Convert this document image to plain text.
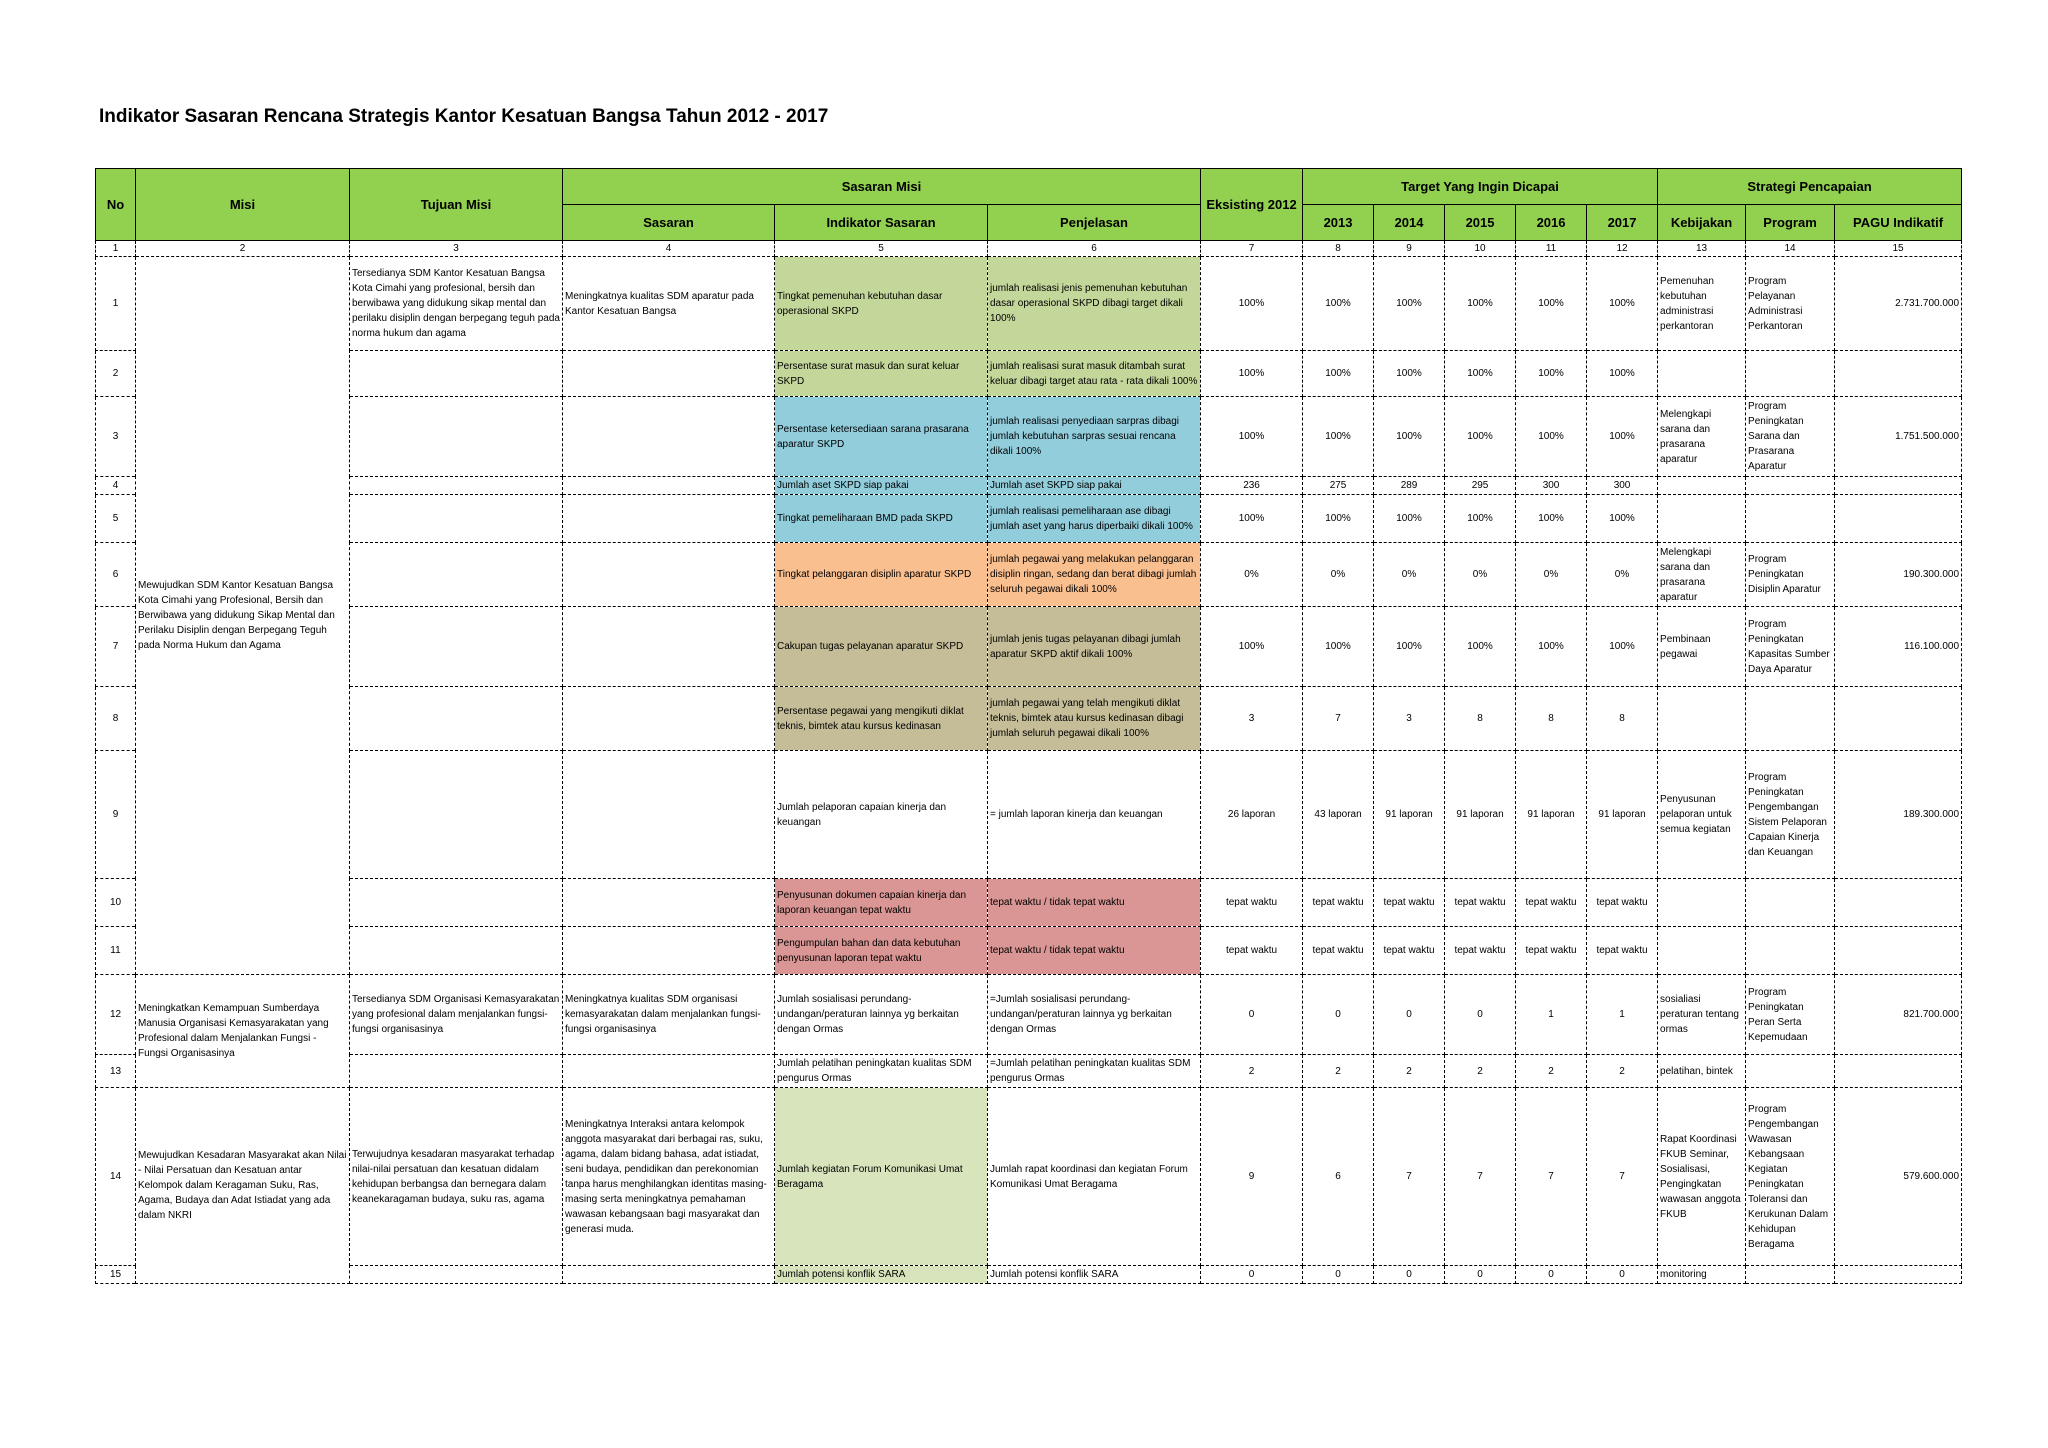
Indikator Sasaran Rencana Strategis Kantor Kesatuan Bangsa Tahun 2012 - 2017
No	Misi	Tujuan Misi	Sasaran Misi			Eksisting 2012	Target Yang Ingin Dicapai					Strategi Pencapaian		
			Sasaran	Indikator Sasaran	Penjelasan		2013	2014	2015	2016	2017	Kebijakan	Program	PAGU Indikatif
1	2	3	4	5	6	7	8	9	10	11	12	13	14	15
1	Mewujudkan SDM Kantor Kesatuan Bangsa Kota Cimahi yang Profesional, Bersih dan Berwibawa yang didukung Sikap Mental dan Perilaku Disiplin dengan Berpegang Teguh pada Norma Hukum dan Agama	Tersedianya SDM Kantor Kesatuan Bangsa Kota Cimahi yang profesional, bersih dan berwibawa yang didukung sikap mental dan perilaku disiplin dengan berpegang teguh pada norma hukum dan agama	Meningkatnya kualitas SDM aparatur pada Kantor Kesatuan Bangsa	Tingkat pemenuhan kebutuhan dasar operasional SKPD	jumlah realisasi jenis pemenuhan kebutuhan dasar operasional SKPD dibagi target dikali 100%	100%	100%	100%	100%	100%	100%	Pemenuhan kebutuhan administrasi perkantoran	Program Pelayanan Administrasi Perkantoran	2.731.700.000
2				Persentase surat masuk dan surat keluar SKPD	jumlah realisasi surat masuk ditambah surat keluar dibagi target atau rata - rata dikali 100%	100%	100%	100%	100%	100%	100%			
3				Persentase ketersediaan sarana prasarana aparatur SKPD	jumlah realisasi penyediaan sarpras dibagi jumlah kebutuhan sarpras sesuai rencana dikali 100%	100%	100%	100%	100%	100%	100%	Melengkapi sarana dan prasarana aparatur	Program Peningkatan Sarana dan Prasarana Aparatur	1.751.500.000
4				Jumlah aset SKPD siap pakai	Jumlah aset SKPD siap pakai	236	275	289	295	300	300			
5				Tingkat pemeliharaan BMD pada SKPD	jumlah realisasi pemeliharaan ase dibagi jumlah aset yang harus diperbaiki dikali 100%	100%	100%	100%	100%	100%	100%			
6				Tingkat pelanggaran disiplin aparatur SKPD	jumlah pegawai yang melakukan pelanggaran disiplin ringan, sedang dan berat dibagi jumlah seluruh pegawai dikali 100%	0%	0%	0%	0%	0%	0%	Melengkapi sarana dan prasarana aparatur	Program Peningkatan Disiplin Aparatur	190.300.000
7				Cakupan tugas pelayanan aparatur SKPD	jumlah jenis tugas pelayanan dibagi jumlah aparatur SKPD aktif dikali 100%	100%	100%	100%	100%	100%	100%	Pembinaan pegawai	Program Peningkatan Kapasitas Sumber Daya Aparatur	116.100.000
8				Persentase pegawai yang mengikuti diklat teknis, bimtek atau kursus kedinasan	jumlah pegawai yang telah mengikuti diklat teknis, bimtek atau kursus kedinasan dibagi jumlah seluruh pegawai dikali 100%	3	7	3	8	8	8			
9				Jumlah pelaporan capaian kinerja dan keuangan	= jumlah laporan kinerja dan keuangan	26 laporan	43 laporan	91 laporan	91 laporan	91 laporan	91 laporan	Penyusunan pelaporan untuk semua kegiatan	Program Peningkatan Pengembangan Sistem Pelaporan Capaian Kinerja dan Keuangan	189.300.000
10				Penyusunan dokumen capaian kinerja dan laporan keuangan tepat waktu	tepat waktu / tidak tepat waktu	tepat waktu	tepat waktu	tepat waktu	tepat waktu	tepat waktu	tepat waktu			
11				Pengumpulan bahan dan data kebutuhan penyusunan laporan tepat waktu	tepat waktu / tidak tepat waktu	tepat waktu	tepat waktu	tepat waktu	tepat waktu	tepat waktu	tepat waktu			
12	Meningkatkan Kemampuan Sumberdaya Manusia Organisasi Kemasyarakatan yang Profesional dalam Menjalankan Fungsi - Fungsi Organisasinya	Tersedianya SDM Organisasi Kemasyarakatan yang profesional dalam menjalankan fungsi-fungsi organisasinya	Meningkatnya kualitas SDM organisasi kemasyarakatan dalam menjalankan fungsi-fungsi organisasinya	Jumlah sosialisasi perundang-undangan/peraturan lainnya yg berkaitan dengan Ormas	=Jumlah sosialisasi perundang-undangan/peraturan lainnya yg berkaitan dengan Ormas	0	0	0	0	1	1	sosialiasi peraturan tentang ormas	Program Peningkatan Peran Serta Kepemudaan	821.700.000
13				Jumlah pelatihan peningkatan kualitas SDM pengurus Ormas	=Jumlah pelatihan peningkatan kualitas SDM pengurus Ormas	2	2	2	2	2	2	pelatihan, bintek		
14	Mewujudkan Kesadaran Masyarakat akan Nilai - Nilai Persatuan dan Kesatuan antar Kelompok dalam Keragaman Suku, Ras, Agama, Budaya dan Adat Istiadat yang ada dalam NKRI	Terwujudnya kesadaran masyarakat terhadap nilai-nilai persatuan dan kesatuan didalam kehidupan berbangsa dan bernegara dalam keanekaragaman budaya, suku ras, agama	Meningkatnya Interaksi antara kelompok anggota masyarakat dari berbagai ras, suku, agama, dalam bidang bahasa, adat istiadat, seni budaya, pendidikan dan perekonomian tanpa harus menghilangkan identitas masing-masing serta meningkatnya pemahaman wawasan kebangsaan bagi masyarakat dan generasi muda.	Jumlah kegiatan Forum Komunikasi Umat Beragama	Jumlah rapat koordinasi dan kegiatan Forum Komunikasi Umat Beragama	9	6	7	7	7	7	Rapat Koordinasi FKUB Seminar, Sosialisasi, Pengingkatan wawasan anggota FKUB	Program Pengembangan Wawasan Kebangsaan Kegiatan Peningkatan Toleransi dan Kerukunan Dalam Kehidupan Beragama	579.600.000
15				Jumlah potensi konflik SARA	Jumlah potensi konflik SARA	0	0	0	0	0	0	monitoring		
